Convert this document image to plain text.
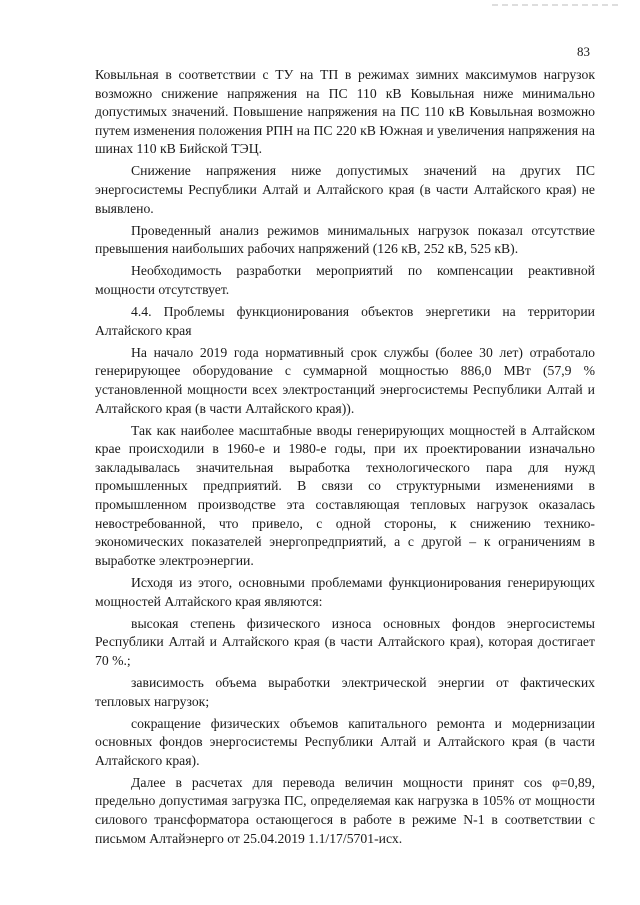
83

Ковыльная в соответствии с ТУ на ТП в режимах зимних максимумов нагрузок возможно снижение напряжения на ПС 110 кВ Ковыльная ниже минимально допустимых значений. Повышение напряжения на ПС 110 кВ Ковыльная возможно путем изменения положения РПН на ПС 220 кВ Южная и увеличения напряжения на шинах 110 кВ Бийской ТЭЦ.

Снижение напряжения ниже допустимых значений на других ПС энергосистемы Республики Алтай и Алтайского края (в части Алтайского края) не выявлено.

Проведенный анализ режимов минимальных нагрузок показал отсутствие превышения наибольших рабочих напряжений (126 кВ, 252 кВ, 525 кВ).

Необходимость разработки мероприятий по компенсации реактивной мощности отсутствует.

4.4. Проблемы функционирования объектов энергетики на территории Алтайского края

На начало 2019 года нормативный срок службы (более 30 лет) отработало генерирующее оборудование с суммарной мощностью 886,0 МВт (57,9 % установленной мощности всех электростанций энергосистемы Республики Алтай и Алтайского края (в части Алтайского края)).

Так как наиболее масштабные вводы генерирующих мощностей в Алтайском крае происходили в 1960-е и 1980-е годы, при их проектировании изначально закладывалась значительная выработка технологического пара для нужд промышленных предприятий. В связи со структурными изменениями в промышленном производстве эта составляющая тепловых нагрузок оказалась невостребованной, что привело, с одной стороны, к снижению технико-экономических показателей энергопредприятий, а с другой – к ограничениям в выработке электроэнергии.

Исходя из этого, основными проблемами функционирования генерирующих мощностей Алтайского края являются:

высокая степень физического износа основных фондов энергосистемы Республики Алтай и Алтайского края (в части Алтайского края), которая достигает 70 %.;

зависимость объема выработки электрической энергии от фактических тепловых нагрузок;

сокращение физических объемов капитального ремонта и модернизации основных фондов энергосистемы Республики Алтай и Алтайского края (в части Алтайского края).

Далее в расчетах для перевода величин мощности принят cos φ=0,89, предельно допустимая загрузка ПС, определяемая как нагрузка в 105% от мощности силового трансформатора остающегося в работе в режиме N-1 в соответствии с письмом Алтайэнерго от 25.04.2019 1.1/17/5701-исх.
